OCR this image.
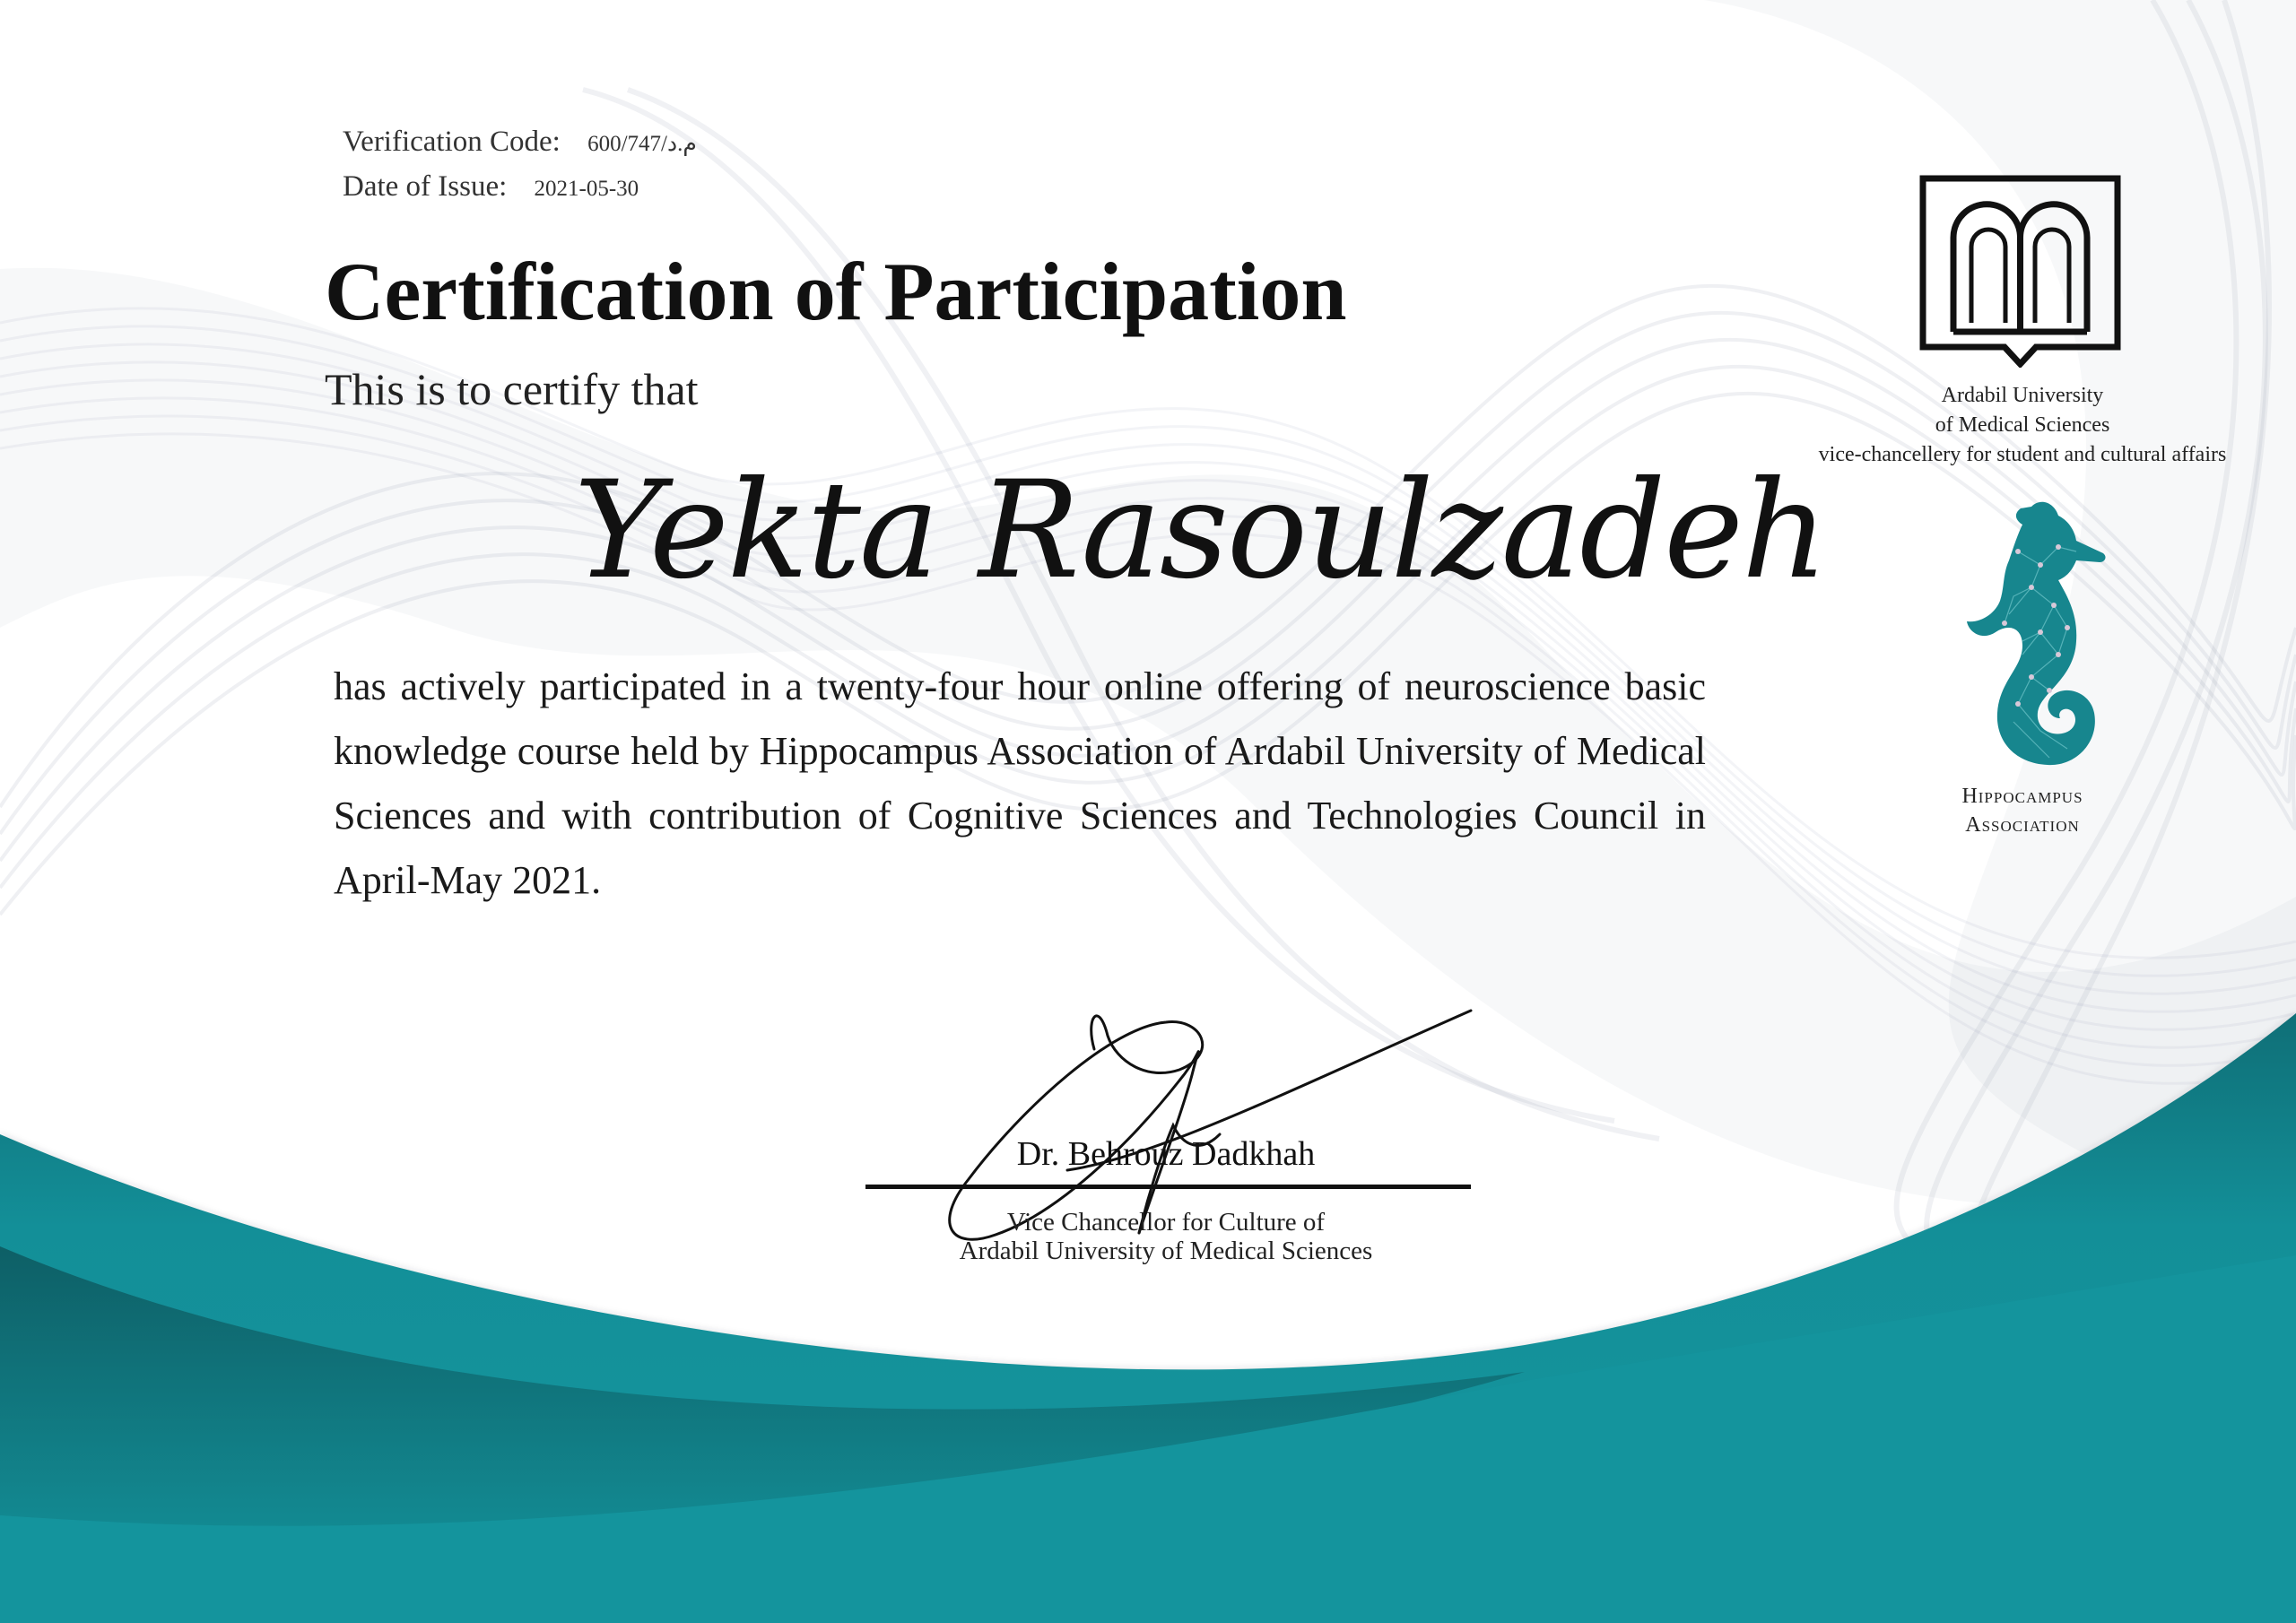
Verification Code: م.د/600/747
Date of Issue: 2021-05-30
Certification of Participation
This is to certify that
Yekta Rasoulzadeh
has actively participated in a twenty-four hour online offering of neuroscience basic knowledge course held by Hippocampus Association of Ardabil University of Medical Sciences and with contribution of Cognitive Sciences and Technologies Council in April-May 2021.
Ardabil University
of Medical Sciences
vice-chancellery for student and cultural affairs
Hippocampus
Association
Dr. Behrouz Dadkhah
Vice Chancellor for Culture of
Ardabil University of Medical Sciences
